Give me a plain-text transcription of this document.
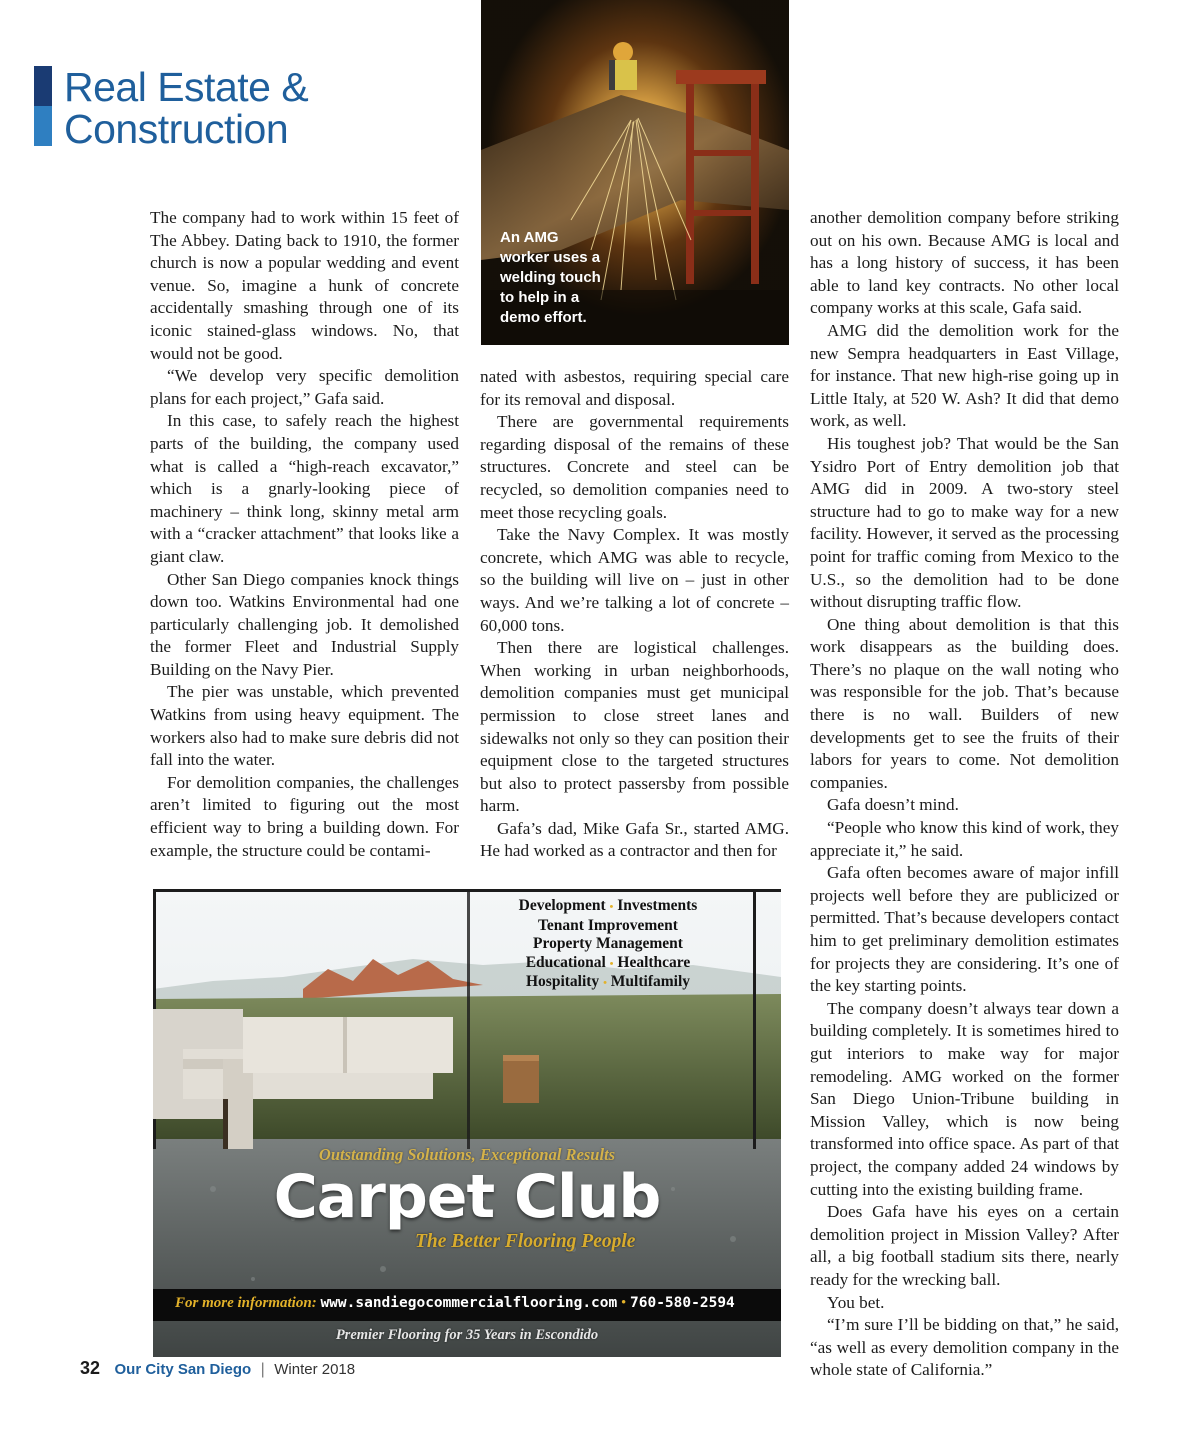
Real Estate &
Construction
An AMG
worker uses a
welding touch
to help in a
demo effort.

The company had to work within 15 feet of The Abbey. Dating back to 1910, the former church is now a popular wedding and event venue. So, imagine a hunk of concrete accidentally smashing through one of its iconic stained-glass windows. No, that would not be good.

“We develop very specific demolition plans for each project,” Gafa said.

In this case, to safely reach the highest parts of the building, the company used what is called a “high-reach excavator,” which is a gnarly-looking piece of machinery – think long, skinny metal arm with a “cracker attachment” that looks like a giant claw.

Other San Diego companies knock things down too. Watkins Environmental had one particularly challenging job. It demolished the former Fleet and Industrial Supply Building on the Navy Pier.

The pier was unstable, which prevented Watkins from using heavy equipment. The workers also had to make sure debris did not fall into the water.

For demolition companies, the challenges aren’t limited to figuring out the most efficient way to bring a building down. For example, the structure could be contami-

nated with asbestos, requiring special care for its removal and disposal.

There are governmental requirements regarding disposal of the remains of these structures. Concrete and steel can be recycled, so demolition companies need to meet those recycling goals.

Take the Navy Complex. It was mostly concrete, which AMG was able to recycle, so the building will live on – just in other ways. And we’re talking a lot of concrete – 60,000 tons.

Then there are logistical challenges. When working in urban neighborhoods, demolition companies must get municipal permission to close street lanes and sidewalks not only so they can position their equipment close to the targeted structures but also to protect passersby from possible harm.

Gafa’s dad, Mike Gafa Sr., started AMG. He had worked as a contractor and then for

another demolition company before striking out on his own. Because AMG is local and has a long history of success, it has been able to land key contracts. No other local company works at this scale, Gafa said.

AMG did the demolition work for the new Sempra headquarters in East Village, for instance. That new high-rise going up in Little Italy, at 520 W. Ash? It did that demo work, as well.

His toughest job? That would be the San Ysidro Port of Entry demolition job that AMG did in 2009. A two-story steel structure had to go to make way for a new facility. However, it served as the processing point for traffic coming from Mexico to the U.S., so the demolition had to be done without disrupting traffic flow.

One thing about demolition is that this work disappears as the building does. There’s no plaque on the wall noting who was responsible for the job. That’s because there is no wall. Builders of new developments get to see the fruits of their labors for years to come. Not demolition companies.

Gafa doesn’t mind.

“People who know this kind of work, they appreciate it,” he said.

Gafa often becomes aware of major infill projects well before they are publicized or permitted. That’s because developers contact him to get preliminary demolition estimates for projects they are considering. It’s one of the key starting points.

The company doesn’t always tear down a building completely. It is sometimes hired to gut interiors to make way for major remodeling. AMG worked on the former San Diego Union-Tribune building in Mission Valley, which is now being transformed into office space. As part of that project, the company added 24 windows by cutting into the existing building frame.

Does Gafa have his eyes on a certain demolition project in Mission Valley? After all, a big football stadium sits there, nearly ready for the wrecking ball.

You bet.

“I’m sure I’ll be bidding on that,” he said, “as well as every demolition company in the whole state of California.”

Development • Investments
Tenant Improvement
Property Management
Educational • Healthcare
Hospitality • Multifamily
Outstanding Solutions, Exceptional Results
Carpet Club
The Better Flooring People
For more information: www.sandiegocommercialflooring.com • 760-580-2594
Premier Flooring for 35 Years in Escondido
32 Our City San Diego | Winter 2018
